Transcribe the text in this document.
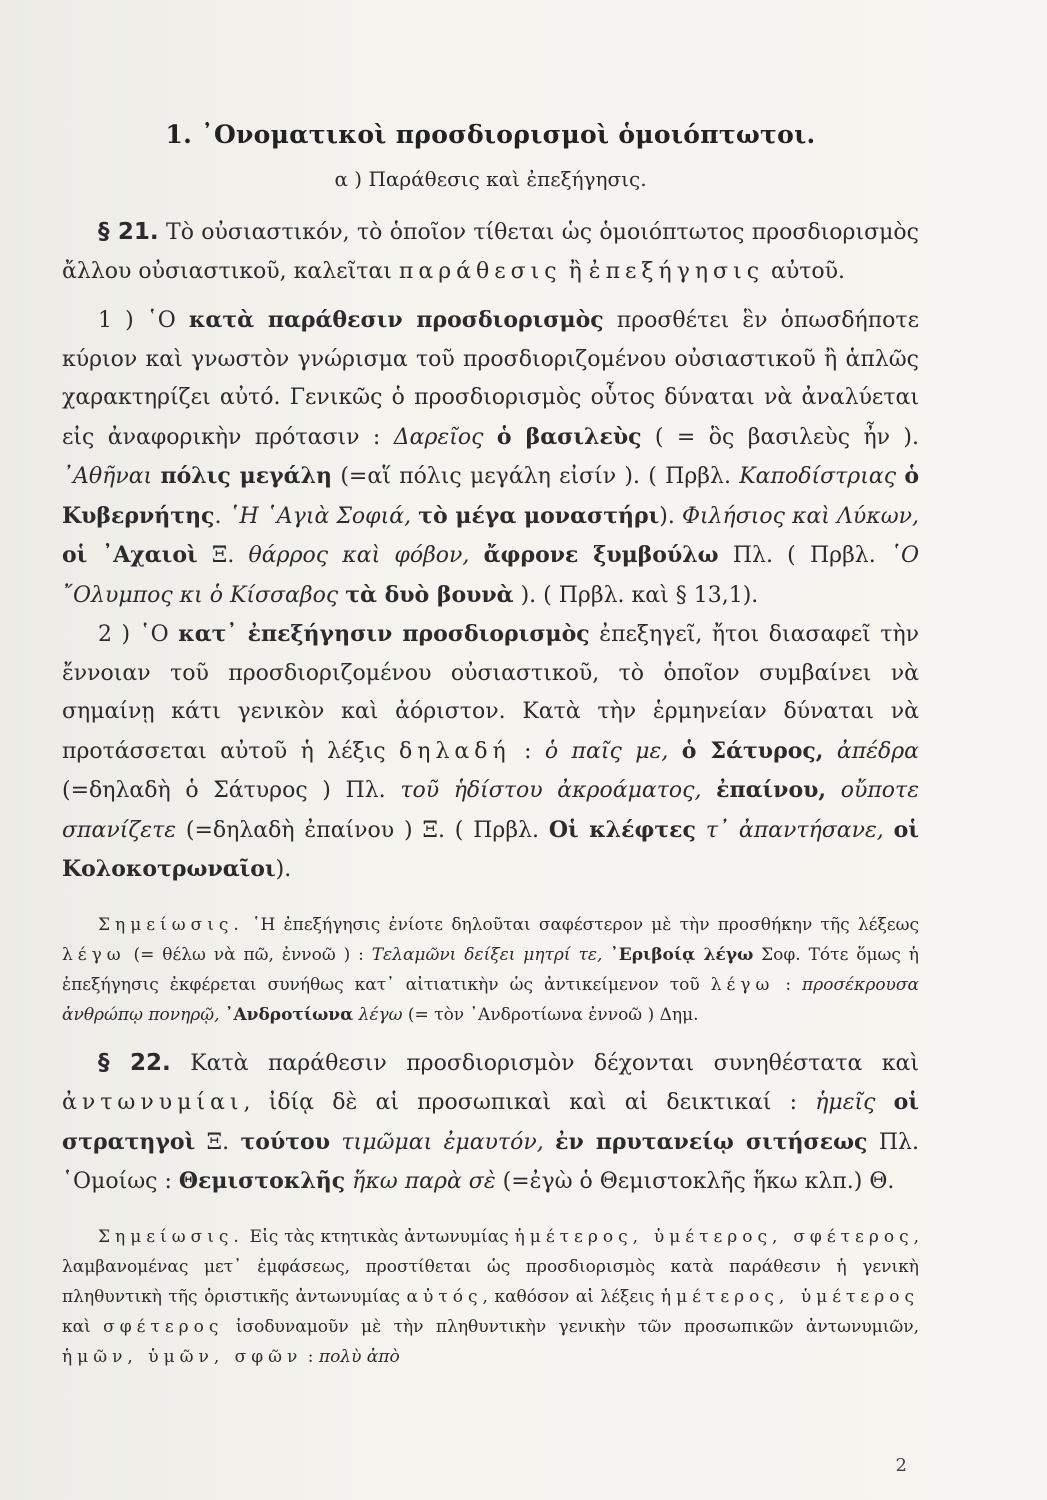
1. ᾿Ονοματικοὶ προσδιορισμοὶ ὁμοιόπτωτοι.
α ) Παράθεσις καὶ ἐπεξήγησις.

§ 21. Τὸ οὐσιαστικόν, τὸ ὁποῖον τίθεται ὡς ὁμοιόπτωτος προσδιορισμὸς ἄλλου οὐσιαστικοῦ, καλεῖται παράθεσις ἢ ἐπεξήγησις αὐτοῦ.

1 ) ῾Ο κατὰ παράθεσιν προσδιορισμὸς προσθέτει ἓν ὁπωσδήποτε κύριον καὶ γνωστὸν γνώρισμα τοῦ προσδιοριζομένου οὐσιαστικοῦ ἢ ἁπλῶς χαρακτηρίζει αὐτό. Γενικῶς ὁ προσδιορισμὸς οὗτος δύναται νὰ ἀναλύεται εἰς ἀναφορικὴν πρότασιν : Δαρεῖος ὁ βασιλεὺς ( = ὃς βασιλεὺς ἦν ). ᾿Αθῆναι πόλις μεγάλη (=αἵ πόλις μεγάλη εἰσίν ). ( Πρβλ. Καποδίστριας ὁ Κυβερνήτης. ῾Η ῾Αγιὰ Σοφιά, τὸ μέγα μοναστήρι). Φιλήσιος καὶ Λύκων, οἱ ᾿Αχαιοὶ Ξ. θάρρος καὶ φόβον, ἄφρονε ξυμβούλω Πλ. ( Πρβλ. ῾Ο ῎Ολυμπος κι ὁ Κίσσαβος τὰ δυὸ βουνὰ ). ( Πρβλ. καὶ § 13,1).

2 ) ῾Ο κατ᾿ ἐπεξήγησιν προσδιορισμὸς ἐπεξηγεῖ, ἤτοι διασαφεῖ τὴν ἔννοιαν τοῦ προσδιοριζομένου οὐσιαστικοῦ, τὸ ὁποῖον συμβαίνει νὰ σημαίνῃ κάτι γενικὸν καὶ ἀόριστον. Κατὰ τὴν ἑρμηνείαν δύναται νὰ προτάσσεται αὐτοῦ ἡ λέξις δηλαδή : ὁ παῖς με, ὁ Σάτυρος, ἀπέδρα (=δηλαδὴ ὁ Σάτυρος ) Πλ. τοῦ ἡδίστου ἀκροάματος, ἐπαίνου, οὔποτε σπανίζετε (=δηλαδὴ ἐπαίνου ) Ξ. ( Πρβλ. Οἱ κλέφτες τ᾿ ἀπαντήσανε, οἱ Κολοκοτρωναῖοι).

Σημείωσις. ῾Η ἐπεξήγησις ἐνίοτε δηλοῦται σαφέστερον μὲ τὴν προσθήκην τῆς λέξεως λέγω (= θέλω νὰ πῶ, ἐννοῶ ) : Τελαμῶνι δείξει μητρί τε, ᾿Εριβοίᾳ λέγω Σοφ. Τότε ὅμως ἡ ἐπεξήγησις ἐκφέρεται συνήθως κατ᾿ αἰτιατικὴν ὡς ἀντικείμενον τοῦ λέγω : προσέκρουσα ἀνθρώπῳ πονηρῷ, ᾿Ανδροτίωνα λέγω (= τὸν ᾿Ανδροτίωνα ἐννοῶ ) Δημ.

§ 22. Κατὰ παράθεσιν προσδιορισμὸν δέχονται συνηθέστατα καὶ ἀντωνυμίαι, ἰδίᾳ δὲ αἱ προσωπικαὶ καὶ αἱ δεικτικαί : ἡμεῖς οἱ στρατηγοὶ Ξ. τούτου τιμῶμαι ἐμαυτόν, ἐν πρυτανείῳ σιτήσεως Πλ. ῾Ομοίως : Θεμιστοκλῆς ἥκω παρὰ σὲ (=ἐγὼ ὁ Θεμιστοκλῆς ἥκω κλπ.) Θ.

Σημείωσις. Εἰς τὰς κτητικὰς ἀντωνυμίας ἡμέτερος, ὑμέτερος, σφέτερος, λαμβανομένας μετ᾿ ἐμφάσεως, προστίθεται ὡς προσδιορισμὸς κατὰ παράθεσιν ἡ γενικὴ πληθυντικὴ τῆς ὁριστικῆς ἀντωνυμίας αὐτός, καθόσον αἱ λέξεις ἡμέτερος, ὑμέτερος καὶ σφέτερος ἰσοδυναμοῦν μὲ τὴν πληθυντικὴν γενικὴν τῶν προσωπικῶν ἀντωνυμιῶν, ἡμῶν, ὑμῶν, σφῶν : πολὺ ἀπὸ

2
